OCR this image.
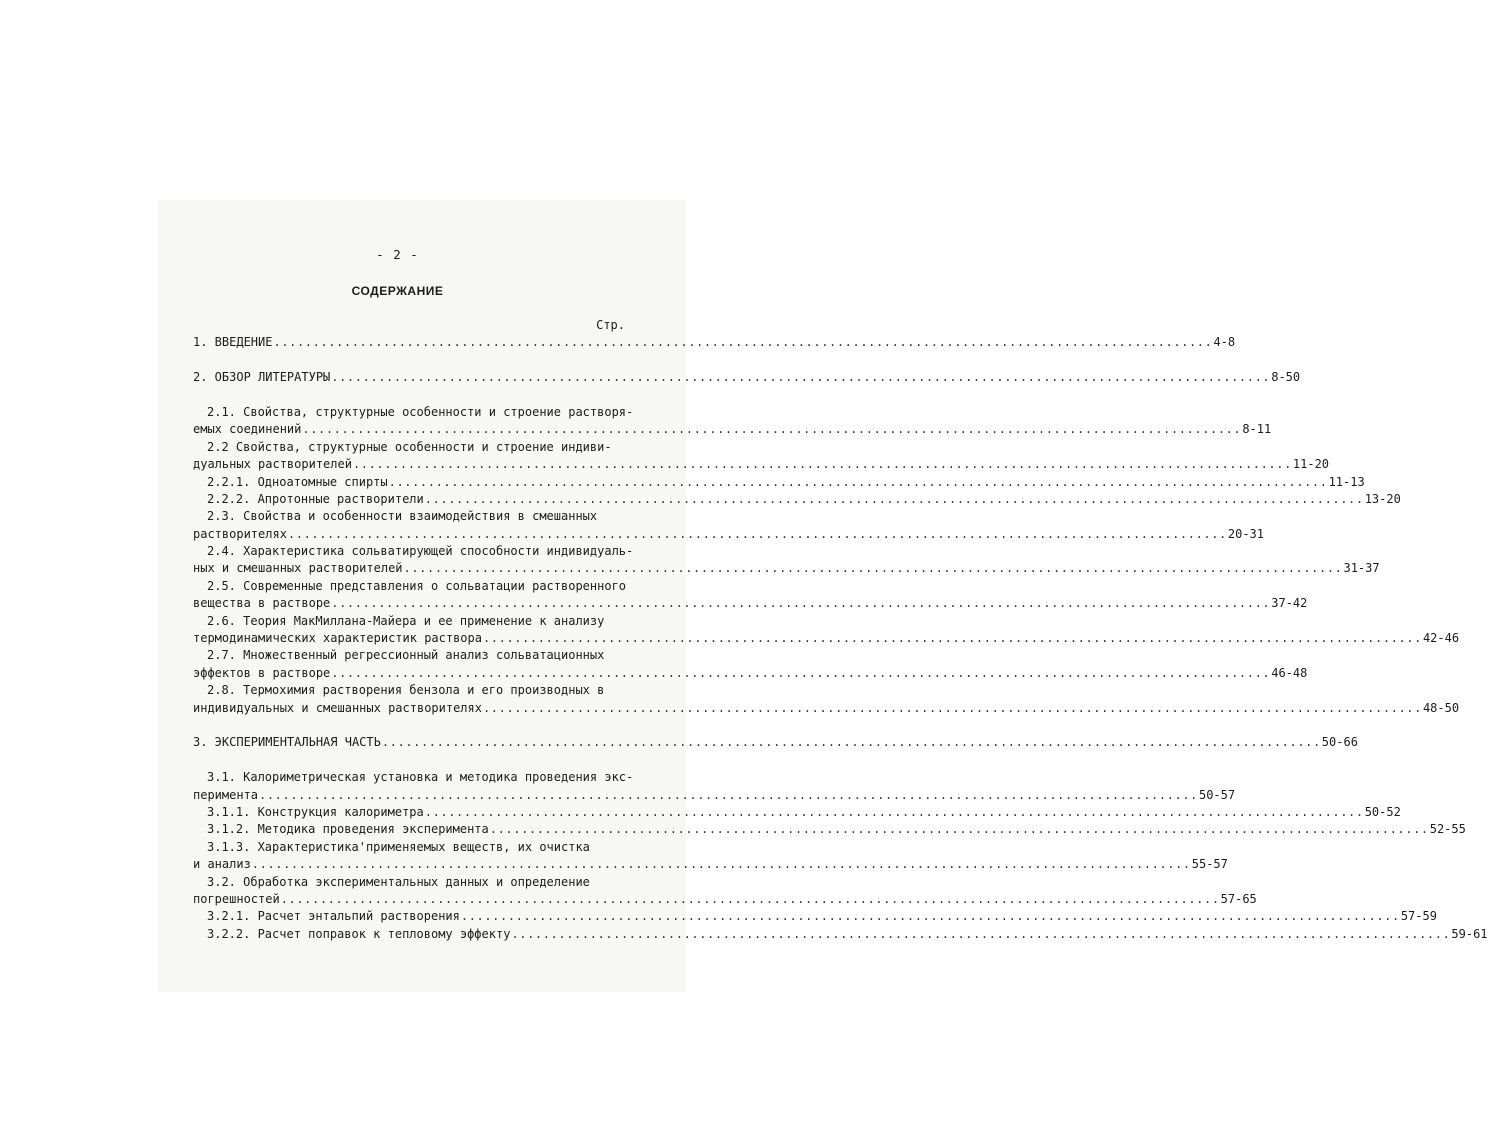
- 2 -
СОДЕРЖАНИЕ
Стр.
1. ВВЕДЕНИЕ ........................................................................................................................ 4-8
2. ОБЗОР ЛИТЕРАТУРЫ ........................................................................................................................ 8-50
2.1. Свойства, структурные особенности и строение растворя-
емых соединений ........................................................................................................................ 8-11
2.2 Свойства, структурные особенности и строение индиви-
дуальных растворителей ........................................................................................................................ 11-20
2.2.1. Одноатомные спирты ........................................................................................................................ 11-13
2.2.2. Апротонные растворители ........................................................................................................................ 13-20
2.3. Свойства и особенности взаимодействия в смешанных
растворителях ........................................................................................................................ 20-31
2.4. Характеристика сольватирующей способности индивидуаль-
ных и смешанных растворителей ........................................................................................................................ 31-37
2.5. Современные представления о сольватации растворенного
вещества в растворе ........................................................................................................................ 37-42
2.6. Теория МакМиллана-Майера и ее применение к анализу
термодинамических характеристик раствора ........................................................................................................................ 42-46
2.7. Множественный регрессионный анализ сольватационных
эффектов в растворе ........................................................................................................................ 46-48
2.8. Термохимия растворения бензола и его производных в
индивидуальных и смешанных растворителях ........................................................................................................................ 48-50
3. ЭКСПЕРИМЕНТАЛЬНАЯ ЧАСТЬ ........................................................................................................................ 50-66
3.1. Калориметрическая установка и методика проведения экс-
перимента ........................................................................................................................ 50-57
3.1.1. Конструкция калориметра ........................................................................................................................ 50-52
3.1.2. Методика проведения эксперимента ........................................................................................................................ 52-55
3.1.3. Характеристика'применяемых веществ, их очистка
и анализ ........................................................................................................................ 55-57
3.2. Обработка экспериментальных данных и определение
погрешностей ........................................................................................................................ 57-65
3.2.1. Расчет энтальпий растворения ........................................................................................................................ 57-59
3.2.2. Расчет поправок к тепловому эффекту ........................................................................................................................ 59-61
